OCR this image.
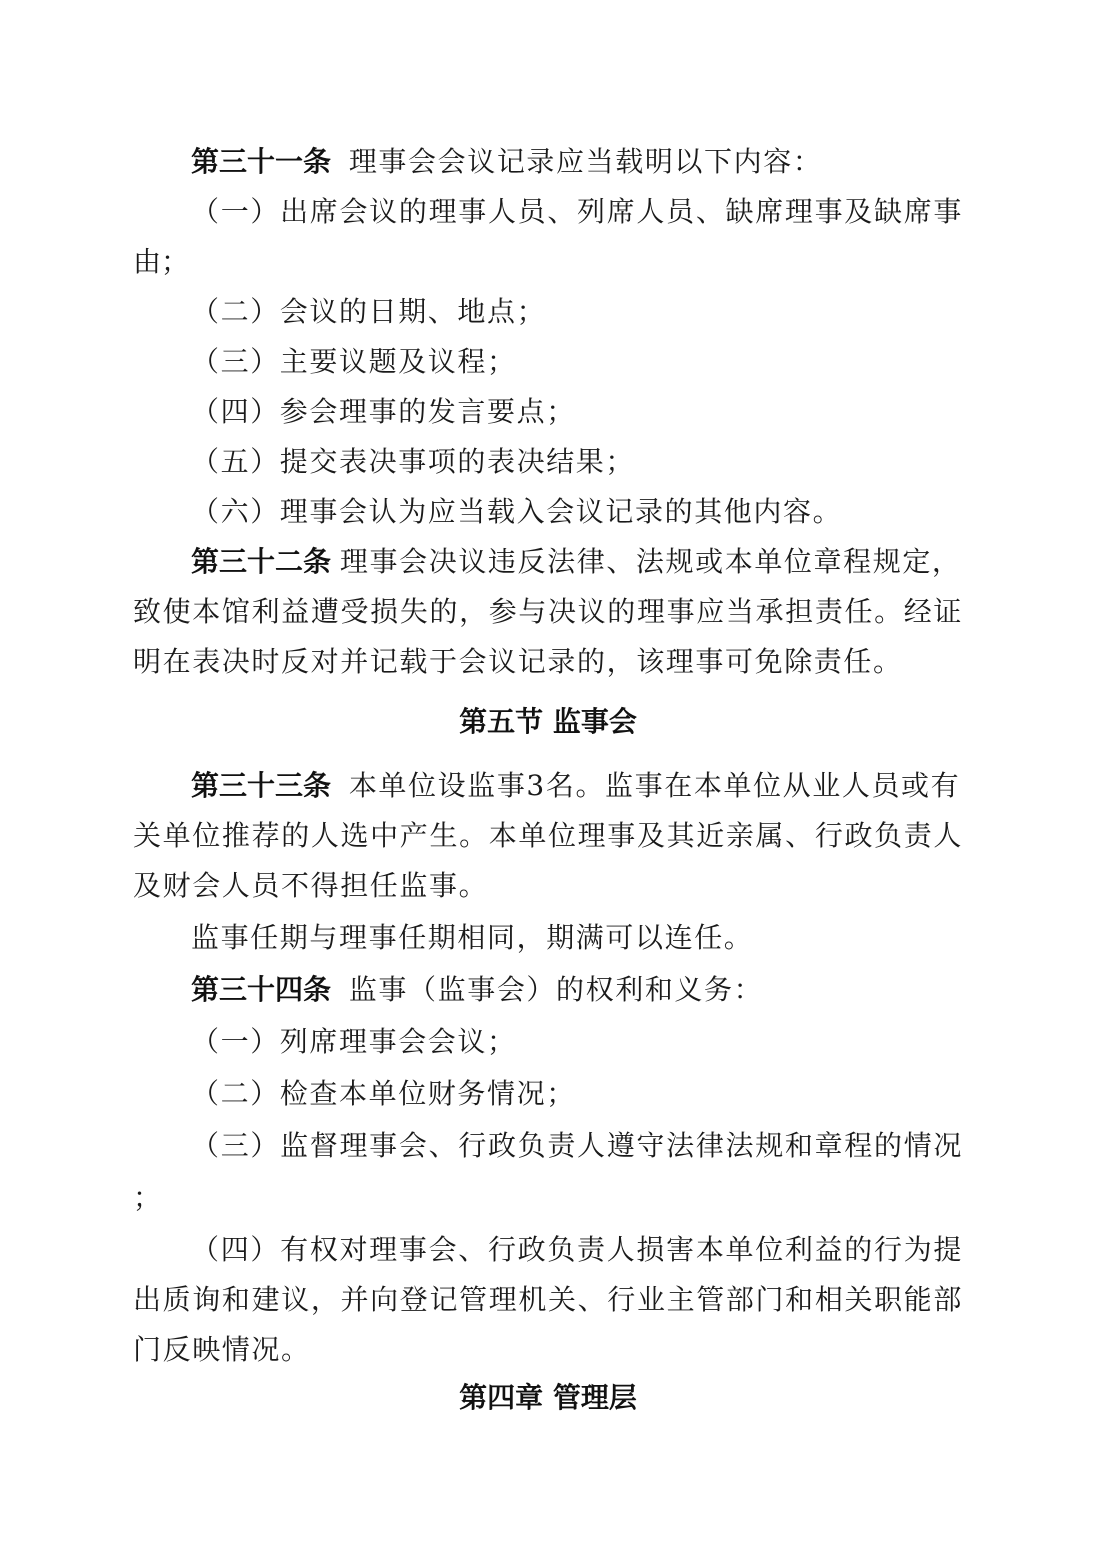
第三十一条 理事会会议记录应当载明以下内容：
（一）出席会议的理事人员、列席人员、缺席理事及缺席事
由；
（二）会议的日期、地点；
（三）主要议题及议程；
（四）参会理事的发言要点；
（五）提交表决事项的表决结果；
（六）理事会认为应当载入会议记录的其他内容。
第三十二条 理事会决议违反法律、法规或本单位章程规定，
致使本馆利益遭受损失的，参与决议的理事应当承担责任。经证
明在表决时反对并记载于会议记录的，该理事可免除责任。
第五节 监事会
第三十三条 本单位设监事3名。监事在本单位从业人员或有
关单位推荐的人选中产生。本单位理事及其近亲属、行政负责人
及财会人员不得担任监事。
监事任期与理事任期相同，期满可以连任。
第三十四条 监事（监事会）的权利和义务：
（一）列席理事会会议；
（二）检查本单位财务情况；
（三）监督理事会、行政负责人遵守法律法规和章程的情况
；
（四）有权对理事会、行政负责人损害本单位利益的行为提
出质询和建议，并向登记管理机关、行业主管部门和相关职能部
门反映情况。
第四章 管理层
